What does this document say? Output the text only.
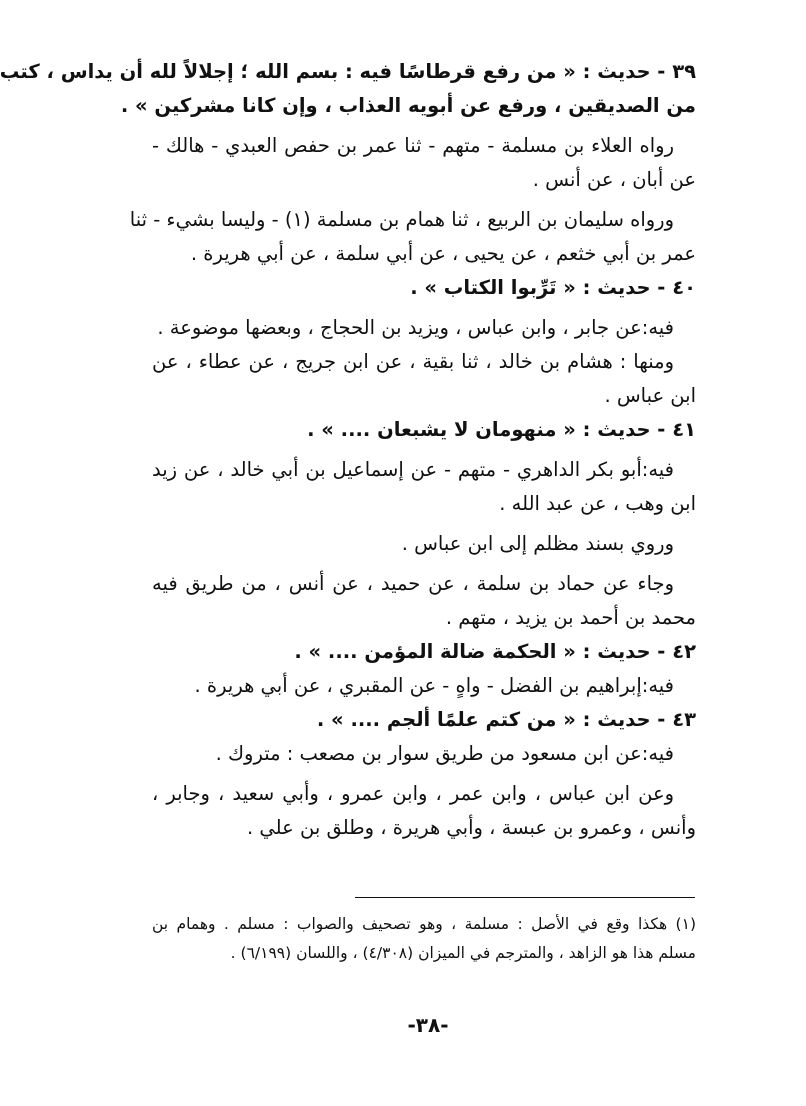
٣٩ - حديث : « من رفع قرطاسًا فيه : بسم الله ؛ إجلالاً لله أن يداس ، كتب
من الصديقين ، ورفع عن أبويه العذاب ، وإن كانا مشركين » .
رواه العلاء بن مسلمة - متهم - ثنا عمر بن حفص العبدي - هالك -
عن أبان ، عن أنس .
ورواه سليمان بن الربيع ، ثنا همام بن مسلمة (١) - وليسا بشيء - ثنا
عمر بن أبي خثعم ، عن يحيى ، عن أبي سلمة ، عن أبي هريرة .
٤٠ - حديث : « تَرِّبوا الكتاب » .
فيه:عن جابر ، وابن عباس ، ويزيد بن الحجاج ، وبعضها موضوعة .
ومنها : هشام بن خالد ، ثنا بقية ، عن ابن جريج ، عن عطاء ، عن
ابن عباس .
٤١ - حديث : « منهومان لا يشبعان .... » .
فيه:أبو بكر الداهري - متهم - عن إسماعيل بن أبي خالد ، عن زيد
ابن وهب ، عن عبد الله .
وروي بسند مظلم إلى ابن عباس .
وجاء عن حماد بن سلمة ، عن حميد ، عن أنس ، من طريق فيه
محمد بن أحمد بن يزيد ، متهم .
٤٢ - حديث : « الحكمة ضالة المؤمن .... » .
فيه:إبراهيم بن الفضل - واهٍ - عن المقبري ، عن أبي هريرة .
٤٣ - حديث : « من كتم علمًا ألجم .... » .
فيه:عن ابن مسعود من طريق سوار بن مصعب : متروك .
وعن ابن عباس ، وابن عمر ، وابن عمرو ، وأبي سعيد ، وجابر ،
وأنس ، وعمرو بن عبسة ، وأبي هريرة ، وطلق بن علي .
(١) هكذا وقع في الأصل : مسلمة ، وهو تصحيف والصواب : مسلم . وهمام بن
مسلم هذا هو الزاهد ، والمترجم في الميزان (٤/٣٠٨) ، واللسان (٦/١٩٩) .
-٣٨-
